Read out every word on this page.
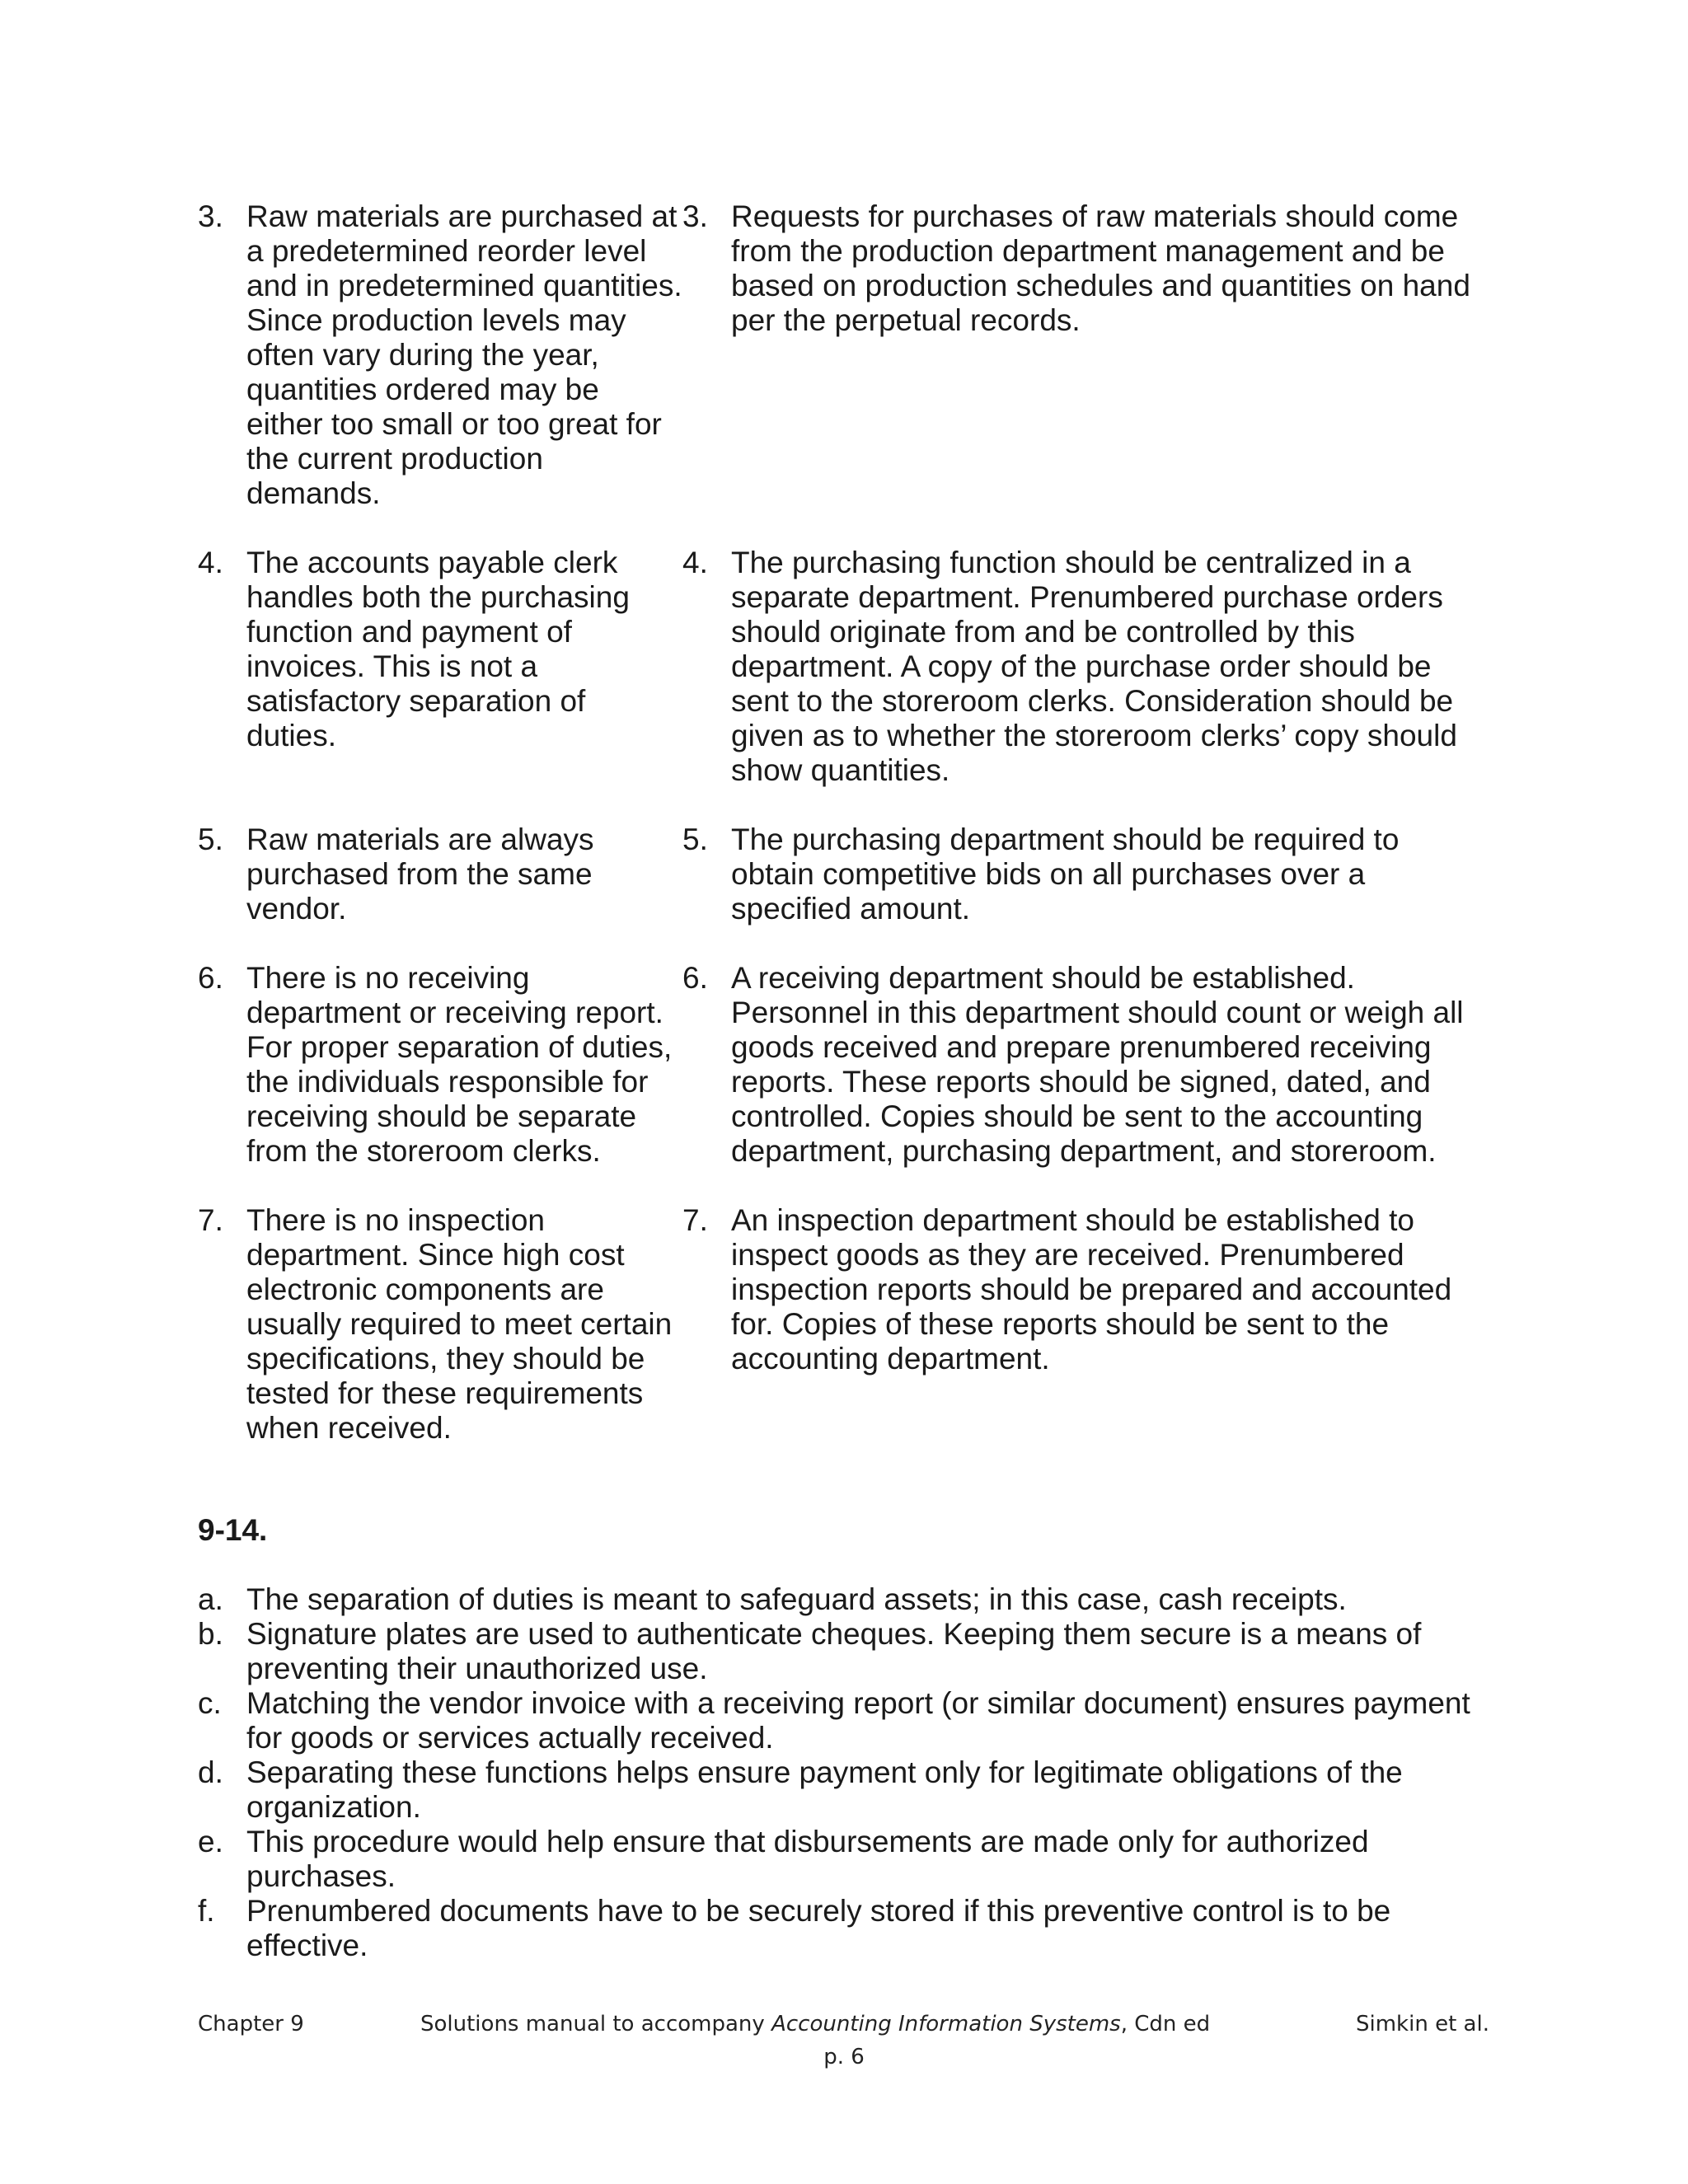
3. Raw materials are purchased at a predetermined reorder level and in predetermined quantities. Since production levels may often vary during the year, quantities ordered may be either too small or too great for the current production demands.
3. Requests for purchases of raw materials should come from the production department management and be based on production schedules and quantities on hand per the perpetual records.
4. The accounts payable clerk handles both the purchasing function and payment of invoices. This is not a satisfactory separation of duties.
4. The purchasing function should be centralized in a separate department. Prenumbered purchase orders should originate from and be controlled by this department. A copy of the purchase order should be sent to the storeroom clerks. Consideration should be given as to whether the storeroom clerks’ copy should show quantities.
5. Raw materials are always purchased from the same vendor.
5. The purchasing department should be required to obtain competitive bids on all purchases over a specified amount.
6. There is no receiving department or receiving report. For proper separation of duties, the individuals responsible for receiving should be separate from the storeroom clerks.
6. A receiving department should be established. Personnel in this department should count or weigh all goods received and prepare prenumbered receiving reports. These reports should be signed, dated, and controlled. Copies should be sent to the accounting department, purchasing department, and storeroom.
7. There is no inspection department. Since high cost electronic components are usually required to meet certain specifications, they should be tested for these requirements when received.
7. An inspection department should be established to inspect goods as they are received. Prenumbered inspection reports should be prepared and accounted for. Copies of these reports should be sent to the accounting department.
9-14.
a. The separation of duties is meant to safeguard assets; in this case, cash receipts.
b. Signature plates are used to authenticate cheques. Keeping them secure is a means of preventing their unauthorized use.
c. Matching the vendor invoice with a receiving report (or similar document) ensures payment for goods or services actually received.
d. Separating these functions helps ensure payment only for legitimate obligations of the organization.
e. This procedure would help ensure that disbursements are made only for authorized purchases.
f. Prenumbered documents have to be securely stored if this preventive control is to be effective.
Chapter 9	Solutions manual to accompany Accounting Information Systems, Cdn ed	Simkin et al.
p. 6
